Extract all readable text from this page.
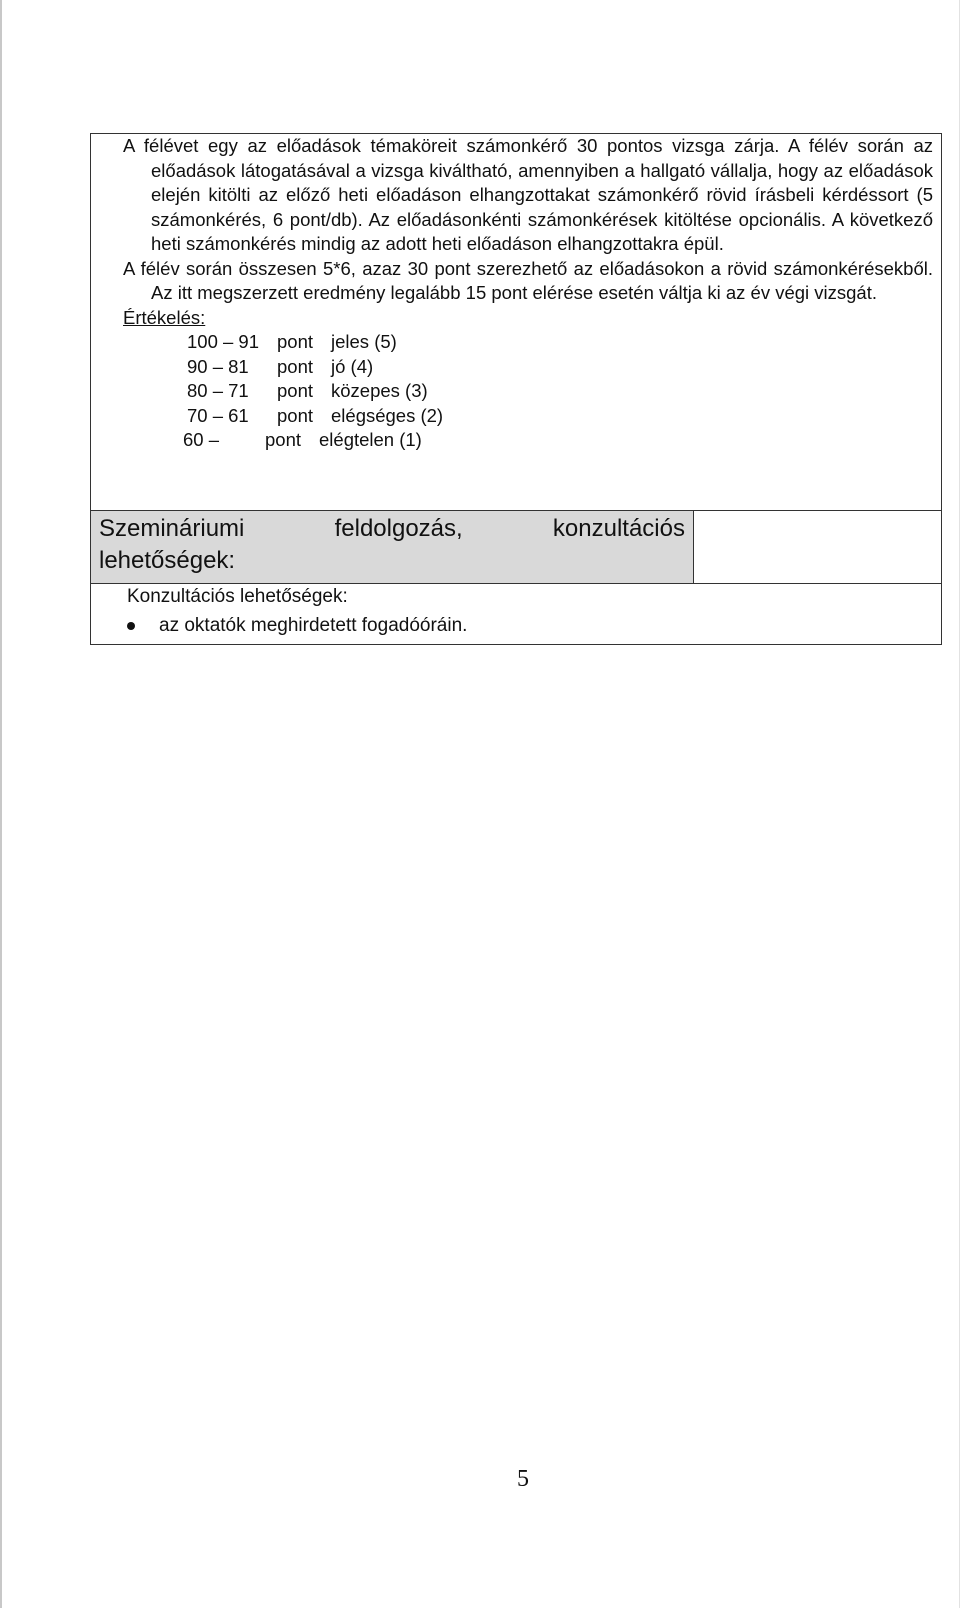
A félévet egy az előadások témaköreit számonkérő 30 pontos vizsga zárja. A félév során az előadások látogatásával a vizsga kiváltható, amennyiben a hallgató vállalja, hogy az előadások elején kitölti az előző heti előadáson elhangzottakat számonkérő rövid írásbeli kérdéssort (5 számonkérés, 6 pont/db). Az előadásonkénti számonkérések kitöltése opcionális. A következő heti számonkérés mindig az adott heti előadáson elhangzottakra épül.

A félév során összesen 5*6, azaz 30 pont szerezhető az előadásokon a rövid számonkérésekből. Az itt megszerzett eredmény legalább 15 pont elérése esetén váltja ki az év végi vizsgát.

Értékelés:

100 – 91 pont jeles (5)
90 – 81	pont jó (4)
80 – 71	pont közepes (3)
70 – 61	pont elégséges (2)
60 –	pont elégtelen (1)

Szemináriumi	feldolgozás,	konzultációs
lehetőségek:

Konzultációs lehetőségek:

az oktatók meghirdetett fogadóóráin.
5
